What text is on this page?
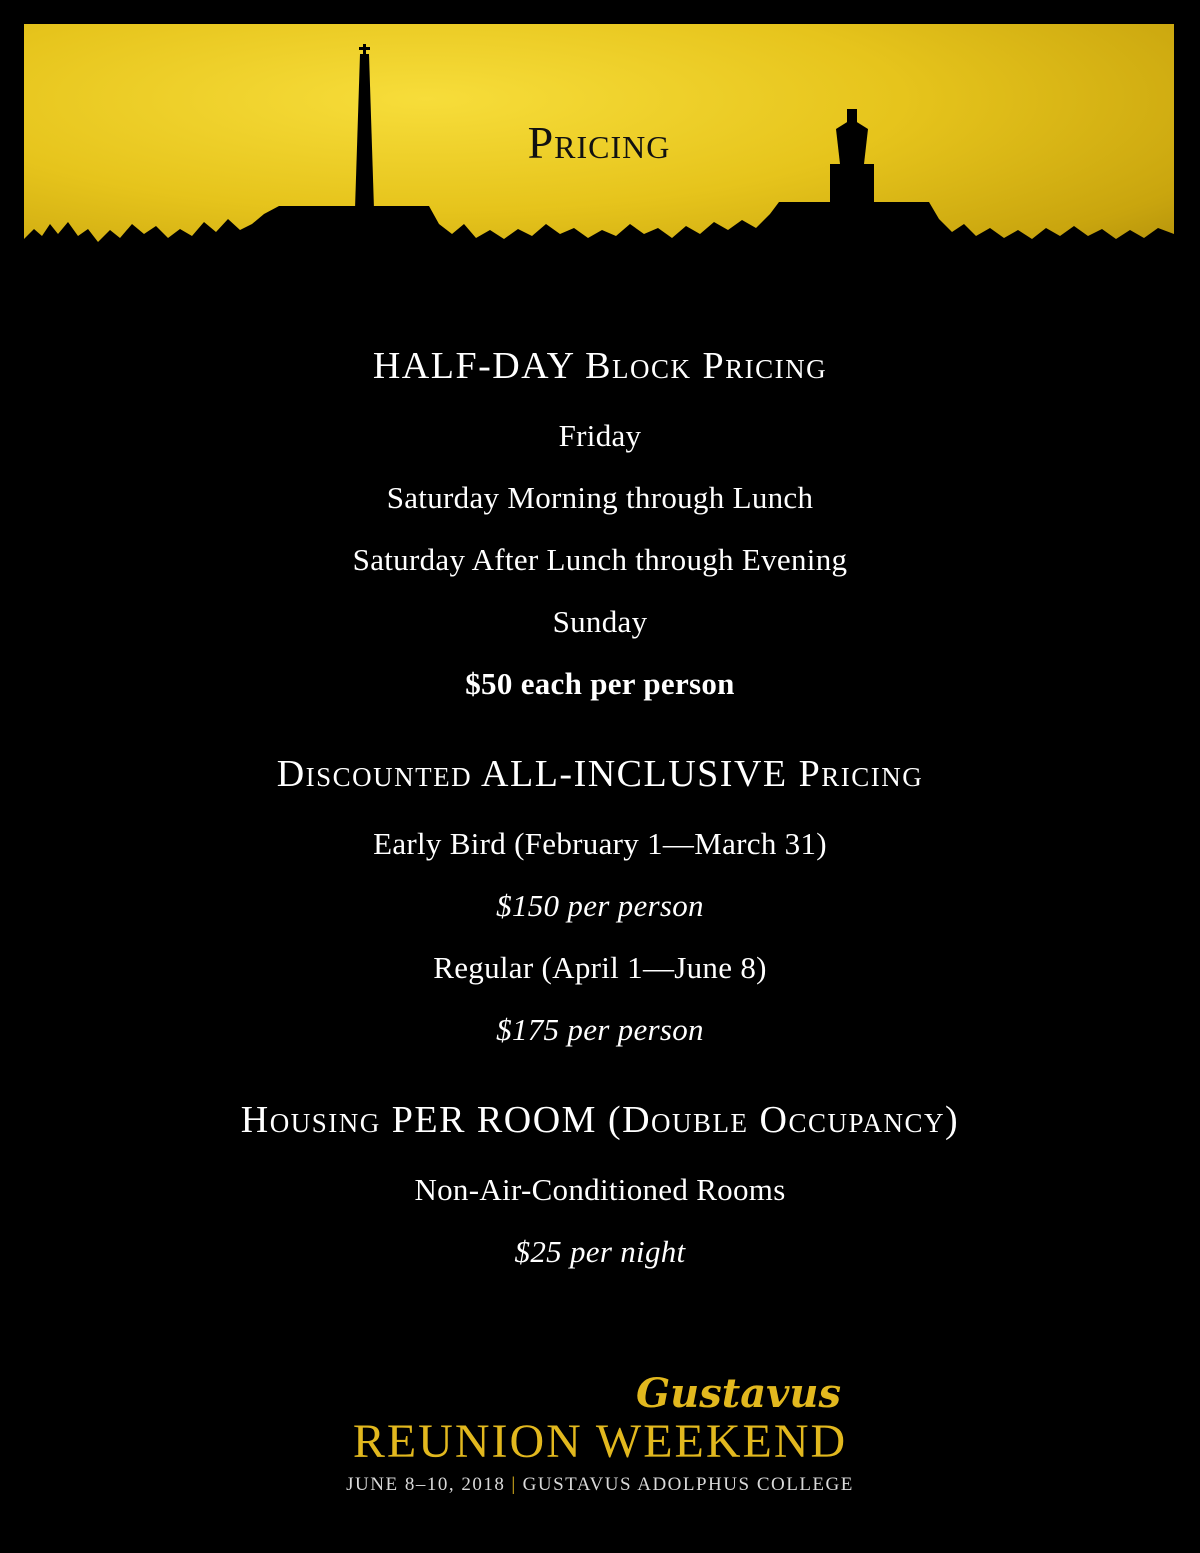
Pricing
HALF-DAY Block Pricing
Friday
Saturday Morning through Lunch
Saturday After Lunch through Evening
Sunday
$50 each per person
Discounted ALL-INCLUSIVE Pricing
Early Bird (February 1—March 31)
$150 per person
Regular (April 1—June 8)
$175 per person
Housing PER ROOM (Double Occupancy)
Non-Air-Conditioned Rooms
$25 per night
Gustavus
REUNION WEEKEND
JUNE 8–10, 2018 | GUSTAVUS ADOLPHUS COLLEGE
